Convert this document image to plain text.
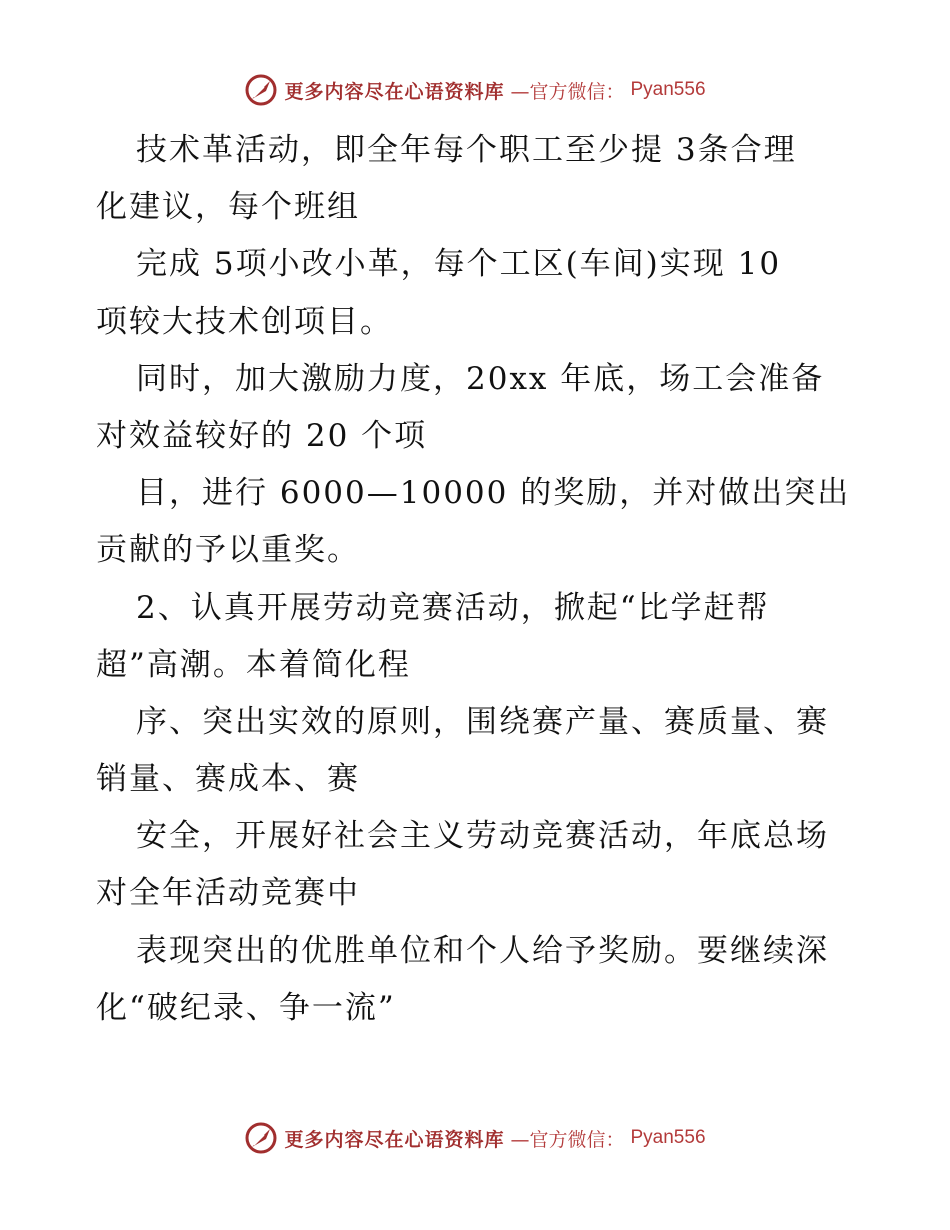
更多内容尽在心语资料库 —官方微信： Pyan556
技术革活动，即全年每个职工至少提 3条合理
化建议，每个班组
完成 5项小改小革，每个工区(车间)实现 10
项较大技术创项目。
同时，加大激励力度，20xx 年底，场工会准备
对效益较好的 20 个项
目，进行 6000—10000 的奖励，并对做出突出
贡献的予以重奖。
2、认真开展劳动竞赛活动，掀起“比学赶帮
超”高潮。本着简化程
序、突出实效的原则，围绕赛产量、赛质量、赛
销量、赛成本、赛
安全，开展好社会主义劳动竞赛活动，年底总场
对全年活动竞赛中
表现突出的优胜单位和个人给予奖励。要继续深
化“破纪录、争一流”
更多内容尽在心语资料库 —官方微信： Pyan556
